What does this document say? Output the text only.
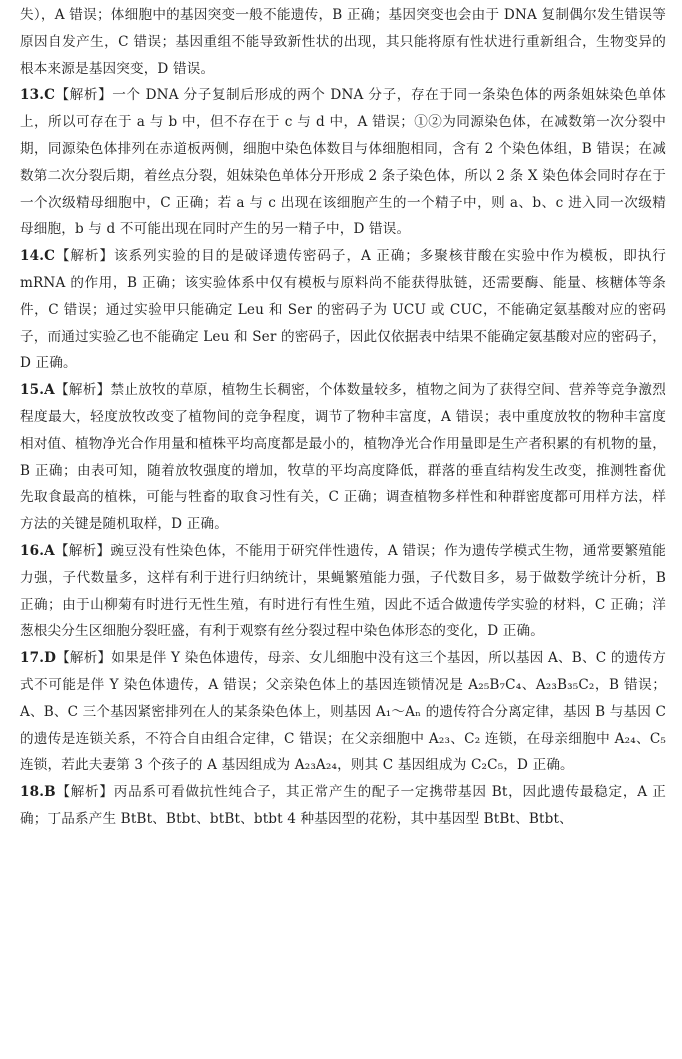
失），A 错误；体细胞中的基因突变一般不能遗传，B 正确；基因突变也会由于 DNA 复制偶尔发生错误等原因自发产生，C 错误；基因重组不能导致新性状的出现，其只能将原有性状进行重新组合，生物变异的根本来源是基因突变，D 错误。

13.C【解析】一个 DNA 分子复制后形成的两个 DNA 分子，存在于同一条染色体的两条姐妹染色单体上，所以可存在于 a 与 b 中，但不存在于 c 与 d 中，A 错误；①②为同源染色体，在减数第一次分裂中期，同源染色体排列在赤道板两侧，细胞中染色体数目与体细胞相同，含有 2 个染色体组，B 错误；在减数第二次分裂后期，着丝点分裂，姐妹染色单体分开形成 2 条子染色体，所以 2 条 X 染色体会同时存在于一个次级精母细胞中，C 正确；若 a 与 c 出现在该细胞产生的一个精子中，则 a、b、c 进入同一次级精母细胞，b 与 d 不可能出现在同时产生的另一精子中，D 错误。

14.C【解析】该系列实验的目的是破译遗传密码子，A 正确；多聚核苷酸在实验中作为模板，即执行 mRNA 的作用，B 正确；该实验体系中仅有模板与原料尚不能获得肽链，还需要酶、能量、核糖体等条件，C 错误；通过实验甲只能确定 Leu 和 Ser 的密码子为 UCU 或 CUC，不能确定氨基酸对应的密码子，而通过实验乙也不能确定 Leu 和 Ser 的密码子，因此仅依据表中结果不能确定氨基酸对应的密码子，D 正确。

15.A【解析】禁止放牧的草原，植物生长稠密，个体数量较多，植物之间为了获得空间、营养等竞争激烈程度最大，轻度放牧改变了植物间的竞争程度，调节了物种丰富度，A 错误；表中重度放牧的物种丰富度相对值、植物净光合作用量和植株平均高度都是最小的，植物净光合作用量即是生产者积累的有机物的量，B 正确；由表可知，随着放牧强度的增加，牧草的平均高度降低，群落的垂直结构发生改变，推测牲畜优先取食最高的植株，可能与牲畜的取食习性有关，C 正确；调查植物多样性和种群密度都可用样方法，样方法的关键是随机取样，D 正确。

16.A【解析】豌豆没有性染色体，不能用于研究伴性遗传，A 错误；作为遗传学模式生物，通常要繁殖能力强，子代数量多，这样有利于进行归纳统计，果蝇繁殖能力强，子代数目多，易于做数学统计分析，B 正确；由于山柳菊有时进行无性生殖，有时进行有性生殖，因此不适合做遗传学实验的材料，C 正确；洋葱根尖分生区细胞分裂旺盛，有利于观察有丝分裂过程中染色体形态的变化，D 正确。

17.D【解析】如果是伴 Y 染色体遗传，母亲、女儿细胞中没有这三个基因，所以基因 A、B、C 的遗传方式不可能是伴 Y 染色体遗传，A 错误；父亲染色体上的基因连锁情况是 A₂₅B₇C₄、A₂₃B₃₅C₂，B 错误；A、B、C 三个基因紧密排列在人的某条染色体上，则基因 A₁～Aₙ 的遗传符合分离定律，基因 B 与基因 C 的遗传是连锁关系，不符合自由组合定律，C 错误；在父亲细胞中 A₂₃、C₂ 连锁，在母亲细胞中 A₂₄、C₅ 连锁，若此夫妻第 3 个孩子的 A 基因组成为 A₂₃A₂₄，则其 C 基因组成为 C₂C₅，D 正确。

18.B【解析】丙品系可看做抗性纯合子，其正常产生的配子一定携带基因 Bt，因此遗传最稳定，A 正确；丁品系产生 BtBt、Btbt、btBt、btbt 4 种基因型的花粉，其中基因型 BtBt、Btbt、
